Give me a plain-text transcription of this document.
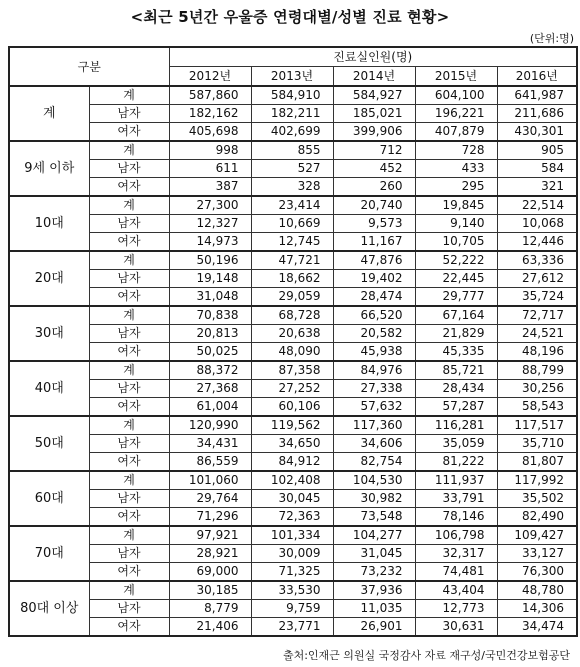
<최근 5년간 우울증 연령대별/성별 진료 현황>
(단위:명)
구분		진료실인원(명)				
		2012년	2013년	2014년	2015년	2016년
계	계	587,860	584,910	584,927	604,100	641,987
	남자	182,162	182,211	185,021	196,221	211,686
	여자	405,698	402,699	399,906	407,879	430,301
9세 이하	계	998	855	712	728	905
	남자	611	527	452	433	584
	여자	387	328	260	295	321
10대	계	27,300	23,414	20,740	19,845	22,514
	남자	12,327	10,669	9,573	9,140	10,068
	여자	14,973	12,745	11,167	10,705	12,446
20대	계	50,196	47,721	47,876	52,222	63,336
	남자	19,148	18,662	19,402	22,445	27,612
	여자	31,048	29,059	28,474	29,777	35,724
30대	계	70,838	68,728	66,520	67,164	72,717
	남자	20,813	20,638	20,582	21,829	24,521
	여자	50,025	48,090	45,938	45,335	48,196
40대	계	88,372	87,358	84,976	85,721	88,799
	남자	27,368	27,252	27,338	28,434	30,256
	여자	61,004	60,106	57,632	57,287	58,543
50대	계	120,990	119,562	117,360	116,281	117,517
	남자	34,431	34,650	34,606	35,059	35,710
	여자	86,559	84,912	82,754	81,222	81,807
60대	계	101,060	102,408	104,530	111,937	117,992
	남자	29,764	30,045	30,982	33,791	35,502
	여자	71,296	72,363	73,548	78,146	82,490
70대	계	97,921	101,334	104,277	106,798	109,427
	남자	28,921	30,009	31,045	32,317	33,127
	여자	69,000	71,325	73,232	74,481	76,300
80대 이상	계	30,185	33,530	37,936	43,404	48,780
	남자	8,779	9,759	11,035	12,773	14,306
	여자	21,406	23,771	26,901	30,631	34,474
출처:인재근 의원실 국정감사 자료 재구성/국민건강보험공단
